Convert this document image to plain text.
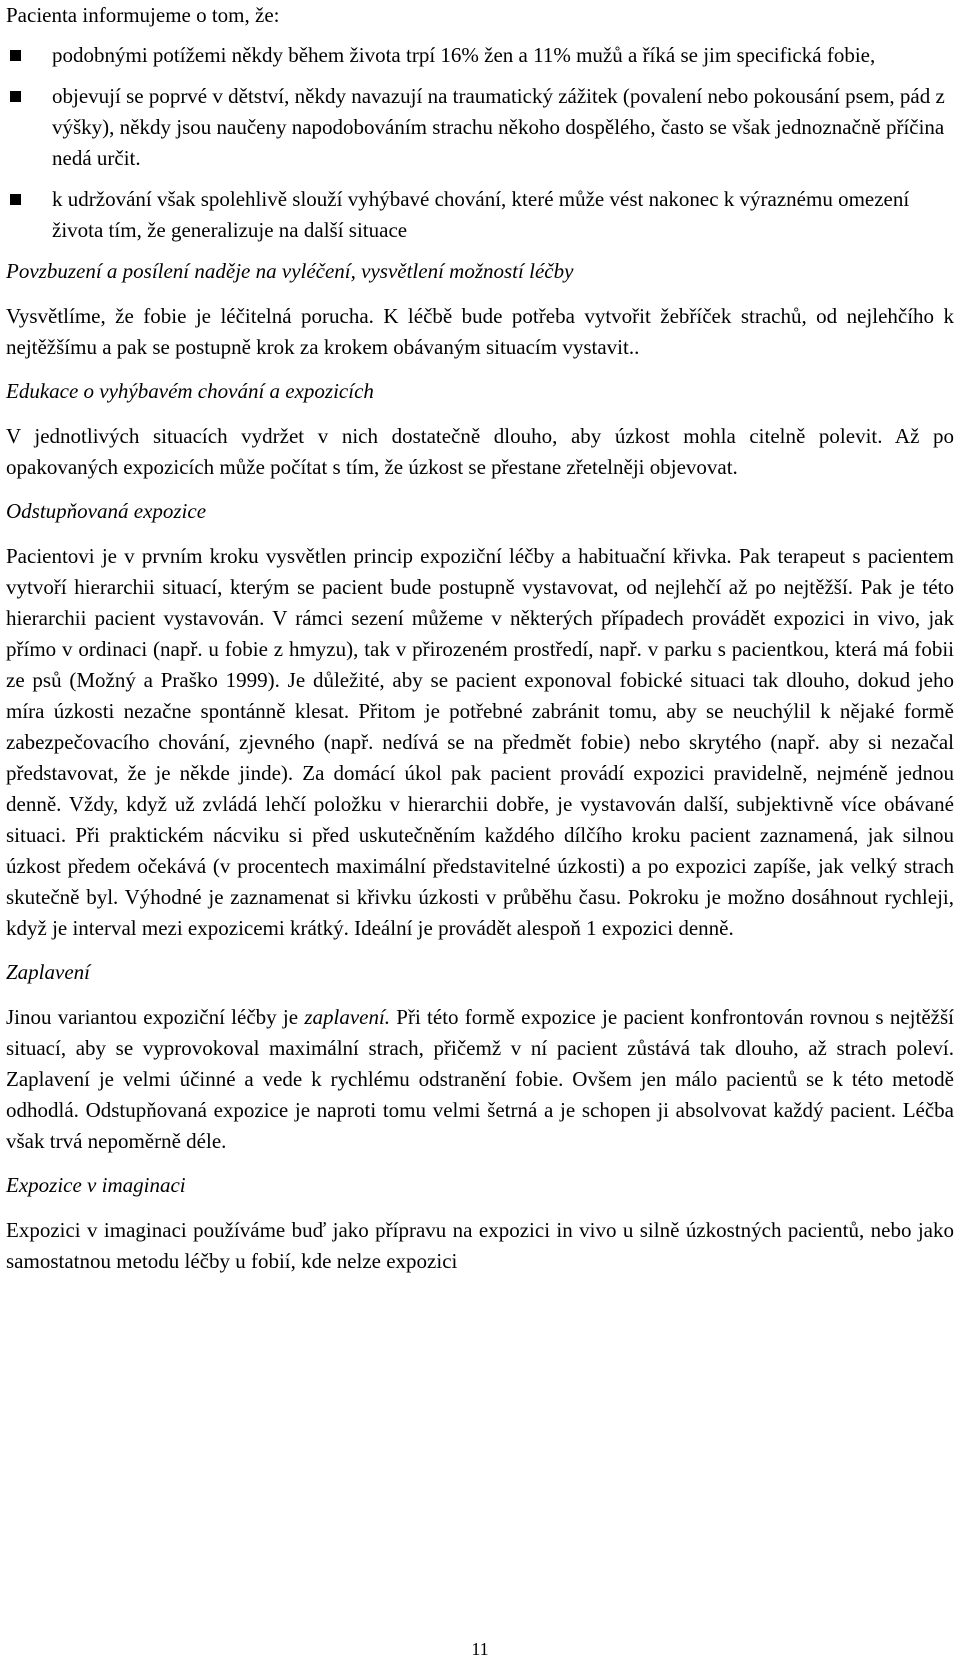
Pacienta informujeme o tom, že:

podobnými potížemi někdy během života trpí 16% žen a 11% mužů a říká se jim specifická fobie,
objevují se poprvé v dětství, někdy navazují na traumatický zážitek (povalení nebo pokousání psem, pád z výšky), někdy jsou naučeny napodobováním strachu někoho dospělého, často se však jednoznačně příčina nedá určit.
k udržování však spolehlivě slouží vyhýbavé chování, které může vést nakonec k výraznému omezení života tím, že generalizuje na další situace

Povzbuzení a posílení naděje na vyléčení, vysvětlení možností léčby

Vysvětlíme, že fobie je léčitelná porucha. K léčbě bude potřeba vytvořit žebříček strachů, od nejlehčího k nejtěžšímu a pak se postupně krok za krokem obávaným situacím vystavit..

Edukace o vyhýbavém chování a expozicích

V jednotlivých situacích vydržet v nich dostatečně dlouho, aby úzkost mohla citelně polevit. Až po opakovaných expozicích může počítat s tím, že úzkost se přestane zřetelněji objevovat.

Odstupňovaná expozice

Pacientovi je v prvním kroku vysvětlen princip expoziční léčby a habituační křivka. Pak terapeut s pacientem vytvoří hierarchii situací, kterým se pacient bude postupně vystavovat, od nejlehčí až po nejtěžší. Pak je této hierarchii pacient vystavován. V rámci sezení můžeme v některých případech provádět expozici in vivo, jak přímo v ordinaci (např. u fobie z hmyzu), tak v přirozeném prostředí, např. v parku s pacientkou, která má fobii ze psů (Možný a Praško 1999). Je důležité, aby se pacient exponoval fobické situaci tak dlouho, dokud jeho míra úzkosti nezačne spontánně klesat. Přitom je potřebné zabránit tomu, aby se neuchýlil k nějaké formě zabezpečovacího chování, zjevného (např. nedívá se na předmět fobie) nebo skrytého (např. aby si nezačal představovat, že je někde jinde). Za domácí úkol pak pacient provádí expozici pravidelně, nejméně jednou denně. Vždy, když už zvládá lehčí položku v hierarchii dobře, je vystavován další, subjektivně více obávané situaci. Při praktickém nácviku si před uskutečněním každého dílčího kroku pacient zaznamená, jak silnou úzkost předem očekává (v procentech maximální představitelné úzkosti) a po expozici zapíše, jak velký strach skutečně byl. Výhodné je zaznamenat si křivku úzkosti v průběhu času. Pokroku je možno dosáhnout rychleji, když je interval mezi expozicemi krátký. Ideální je provádět alespoň 1 expozici denně.

Zaplavení

Jinou variantou expoziční léčby je zaplavení. Při této formě expozice je pacient konfrontován rovnou s nejtěžší situací, aby se vyprovokoval maximální strach, přičemž v ní pacient zůstává tak dlouho, až strach poleví. Zaplavení je velmi účinné a vede k rychlému odstranění fobie. Ovšem jen málo pacientů se k této metodě odhodlá. Odstupňovaná expozice je naproti tomu velmi šetrná a je schopen ji absolvovat každý pacient. Léčba však trvá nepoměrně déle.

Expozice v imaginaci

Expozici v imaginaci používáme buď jako přípravu na expozici in vivo u silně úzkostných pacientů, nebo jako samostatnou metodu léčby u fobií, kde nelze expozici

11
